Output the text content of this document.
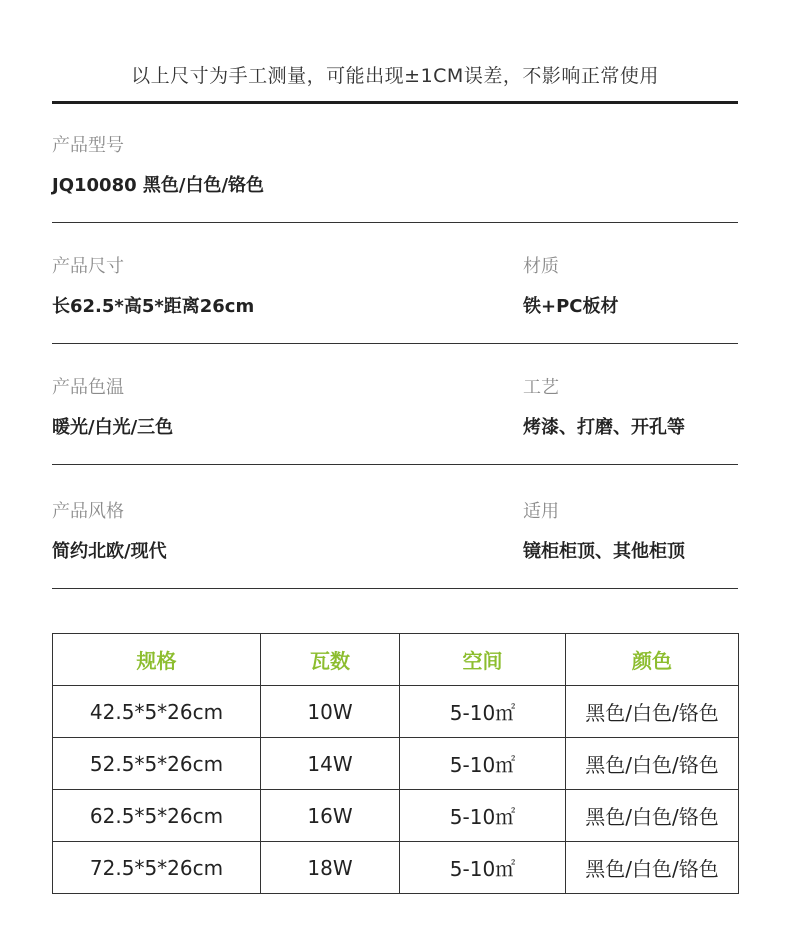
以上尺寸为手工测量，可能出现±1CM误差，不影响正常使用
产品型号
JQ10080 黑色/白色/铬色
产品尺寸
长62.5*高5*距离26cm
材质
铁+PC板材
产品色温
暖光/白光/三色
工艺
烤漆、打磨、开孔等
产品风格
简约北欧/现代
适用
镜柜柜顶、其他柜顶
规格	瓦数	空间	颜色
42.5*5*26cm	10W	5-10㎡	黑色/白色/铬色
52.5*5*26cm	14W	5-10㎡	黑色/白色/铬色
62.5*5*26cm	16W	5-10㎡	黑色/白色/铬色
72.5*5*26cm	18W	5-10㎡	黑色/白色/铬色
